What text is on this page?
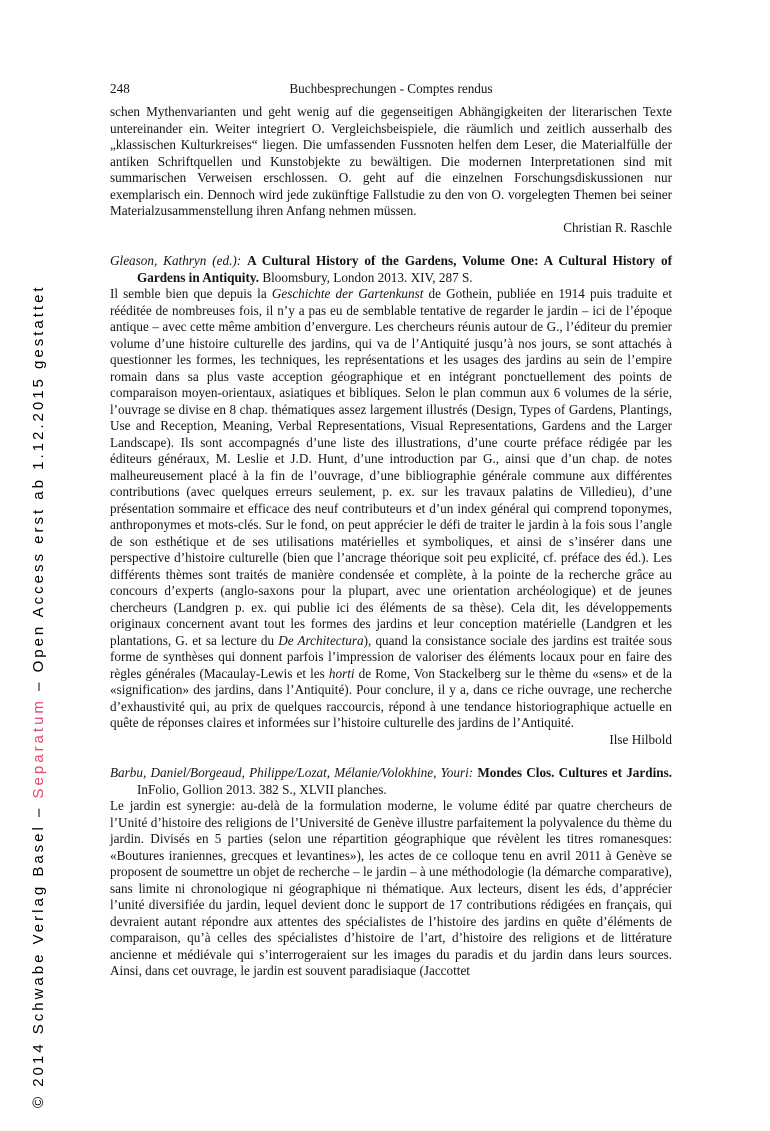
© 2014 Schwabe Verlag Basel – Separatum – Open Access erst ab 1.12.2015 gestattet
248	Buchbesprechungen - Comptes rendus

schen Mythenvarianten und geht wenig auf die gegenseitigen Abhängigkeiten der literarischen Texte untereinander ein. Weiter integriert O. Vergleichsbeispiele, die räumlich und zeitlich ausserhalb des „klassischen Kulturkreises“ liegen. Die umfassenden Fussnoten helfen dem Leser, die Materialfülle der antiken Schriftquellen und Kunstobjekte zu bewältigen. Die modernen Interpretationen sind mit summarischen Verweisen erschlossen. O. geht auf die einzelnen Forschungsdiskussionen nur exemplarisch ein. Dennoch wird jede zukünftige Fallstudie zu den von O. vorgelegten Themen bei seiner Materialzusammenstellung ihren Anfang nehmen müssen.

Christian R. Raschle

Gleason, Kathryn (ed.): A Cultural History of the Gardens, Volume One: A Cultural History of Gardens in Antiquity. Bloomsbury, London 2013. XIV, 287 S.

Il semble bien que depuis la Geschichte der Gartenkunst de Gothein, publiée en 1914 puis traduite et rééditée de nombreuses fois, il n’y a pas eu de semblable tentative de regarder le jardin – ici de l’époque antique – avec cette même ambition d’envergure. Les chercheurs réunis autour de G., l’éditeur du premier volume d’une histoire culturelle des jardins, qui va de l’Antiquité jusqu’à nos jours, se sont attachés à questionner les formes, les techniques, les représentations et les usages des jardins au sein de l’empire romain dans sa plus vaste acception géographique et en intégrant ponctuellement des points de comparaison moyen-orientaux, asiatiques et bibliques. Selon le plan commun aux 6 volumes de la série, l’ouvrage se divise en 8 chap. thématiques assez largement illustrés (Design, Types of Gardens, Plantings, Use and Reception, Meaning, Verbal Representations, Visual Representations, Gardens and the Larger Landscape). Ils sont accompagnés d’une liste des illustrations, d’une courte préface rédigée par les éditeurs généraux, M. Leslie et J.D. Hunt, d’une introduction par G., ainsi que d’un chap. de notes malheureusement placé à la fin de l’ouvrage, d’une bibliographie générale commune aux différentes contributions (avec quelques erreurs seulement, p. ex. sur les travaux palatins de Villedieu), d’une présentation sommaire et efficace des neuf contributeurs et d’un index général qui comprend toponymes, anthroponymes et mots-clés. Sur le fond, on peut apprécier le défi de traiter le jardin à la fois sous l’angle de son esthétique et de ses utilisations matérielles et symboliques, et ainsi de s’insérer dans une perspective d’histoire culturelle (bien que l’ancrage théorique soit peu explicité, cf. préface des éd.). Les différents thèmes sont traités de manière condensée et complète, à la pointe de la recherche grâce au concours d’experts (anglo-saxons pour la plupart, avec une orientation archéologique) et de jeunes chercheurs (Landgren p. ex. qui publie ici des éléments de sa thèse). Cela dit, les développements originaux concernent avant tout les formes des jardins et leur conception matérielle (Landgren et les plantations, G. et sa lecture du De Architectura), quand la consistance sociale des jardins est traitée sous forme de synthèses qui donnent parfois l’impression de valoriser des éléments locaux pour en faire des règles générales (Macaulay-Lewis et les horti de Rome, Von Stackelberg sur le thème du «sens» et de la «signification» des jardins, dans l’Antiquité). Pour conclure, il y a, dans ce riche ouvrage, une recherche d’exhaustivité qui, au prix de quelques raccourcis, répond à une tendance historiographique actuelle en quête de réponses claires et informées sur l’histoire culturelle des jardins de l’Antiquité.

Ilse Hilbold

Barbu, Daniel/Borgeaud, Philippe/Lozat, Mélanie/Volokhine, Youri: Mondes Clos. Cultures et Jardins. InFolio, Gollion 2013. 382 S., XLVII planches.

Le jardin est synergie: au-delà de la formulation moderne, le volume édité par quatre chercheurs de l’Unité d’histoire des religions de l’Université de Genève illustre parfaitement la polyvalence du thème du jardin. Divisés en 5 parties (selon une répartition géographique que révèlent les titres romanesques: «Boutures iraniennes, grecques et levantines»), les actes de ce colloque tenu en avril 2011 à Genève se proposent de soumettre un objet de recherche – le jardin – à une méthodologie (la démarche comparative), sans limite ni chronologique ni géographique ni thématique. Aux lecteurs, disent les éds, d’apprécier l’unité diversifiée du jardin, lequel devient donc le support de 17 contributions rédigées en français, qui devraient autant répondre aux attentes des spécialistes de l’histoire des jardins en quête d’éléments de comparaison, qu’à celles des spécialistes d’histoire de l’art, d’histoire des religions et de littérature ancienne et médiévale qui s’interrogeraient sur les images du paradis et du jardin dans leurs sources. Ainsi, dans cet ouvrage, le jardin est souvent paradisiaque (Jaccottet
